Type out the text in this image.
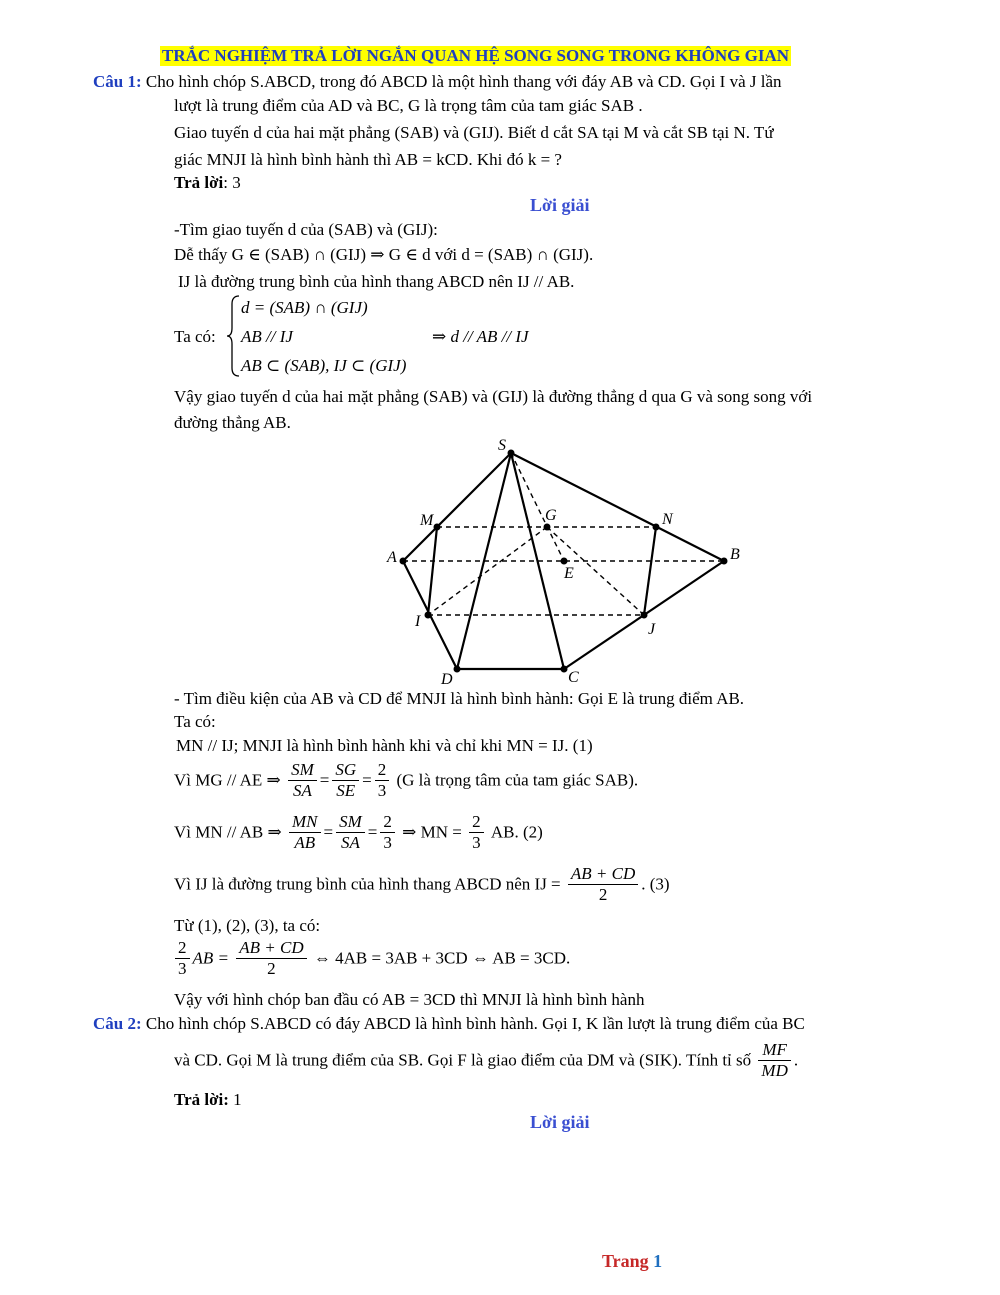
TRẮC NGHIỆM TRẢ LỜI NGẮN QUAN HỆ SONG SONG TRONG KHÔNG GIAN
Câu 1: Cho hình chóp S.ABCD, trong đó ABCD là một hình thang với đáy AB và CD. Gọi I và J lần
lượt là trung điểm của AD và BC, G là trọng tâm của tam giác SAB .
Giao tuyến d của hai mặt phẳng (SAB) và (GIJ). Biết d cắt SA tại M và cắt SB tại N. Tứ
giác MNJI là hình bình hành thì AB = kCD. Khi đó k = ?
Trả lời: 3
Lời giải
-Tìm giao tuyến d của (SAB) và (GIJ):
Dễ thấy G ∈ (SAB) ∩ (GIJ) ⇒ G ∈ d với d = (SAB) ∩ (GIJ).
IJ là đường trung bình của hình thang ABCD nên IJ // AB.
Ta có:
d = (SAB) ∩ (GIJ)
AB // IJ
AB ⊂ (SAB), IJ ⊂ (GIJ)
⇒ d // AB // IJ
Vậy giao tuyến d của hai mặt phẳng (SAB) và (GIJ) là đường thẳng d qua G và song song với
đường thẳng AB.
S
M	G	N
A	B
E
I	J
D	C
- Tìm điều kiện của AB và CD để MNJI là hình bình hành: Gọi E là trung điểm AB.
Ta có:
MN // IJ; MNJI là hình bình hành khi và chỉ khi MN = IJ. (1)
Vì MG // AE ⇒ $\frac{SM}{SA} = \frac{SG}{SE} = \frac{2}{3} (G$ là trọng tâm của tam giác SAB).
Vì MN // AB ⇒ $\frac{MN}{AB} = \frac{SM}{SA} = \frac{2}{3}$ ⇒ MN = $\frac{2}{3}$ AB. (2)
Vì IJ là đường trung bình của hình thang ABCD nên IJ = $\frac{AB + CD}{2}$ . (3)
Từ (1), (2), (3), ta có:
$\frac{2}{3}$ AB = $\frac{AB + CD}{2}$ ⇔ 4AB = 3AB + 3CD ⇔ AB = 3CD.
Vậy với hình chóp ban đầu có AB = 3CD thì MNJI là hình bình hành
Câu 2: Cho hình chóp S.ABCD có đáy ABCD là hình bình hành. Gọi I, K lần lượt là trung điểm của BC
và CD. Gọi M là trung điểm của SB. Gọi F là giao điểm của DM và (SIK). Tính tỉ số $\frac{MF}{MD}$ .
Trả lời: 1
Lời giải
Trang 1
